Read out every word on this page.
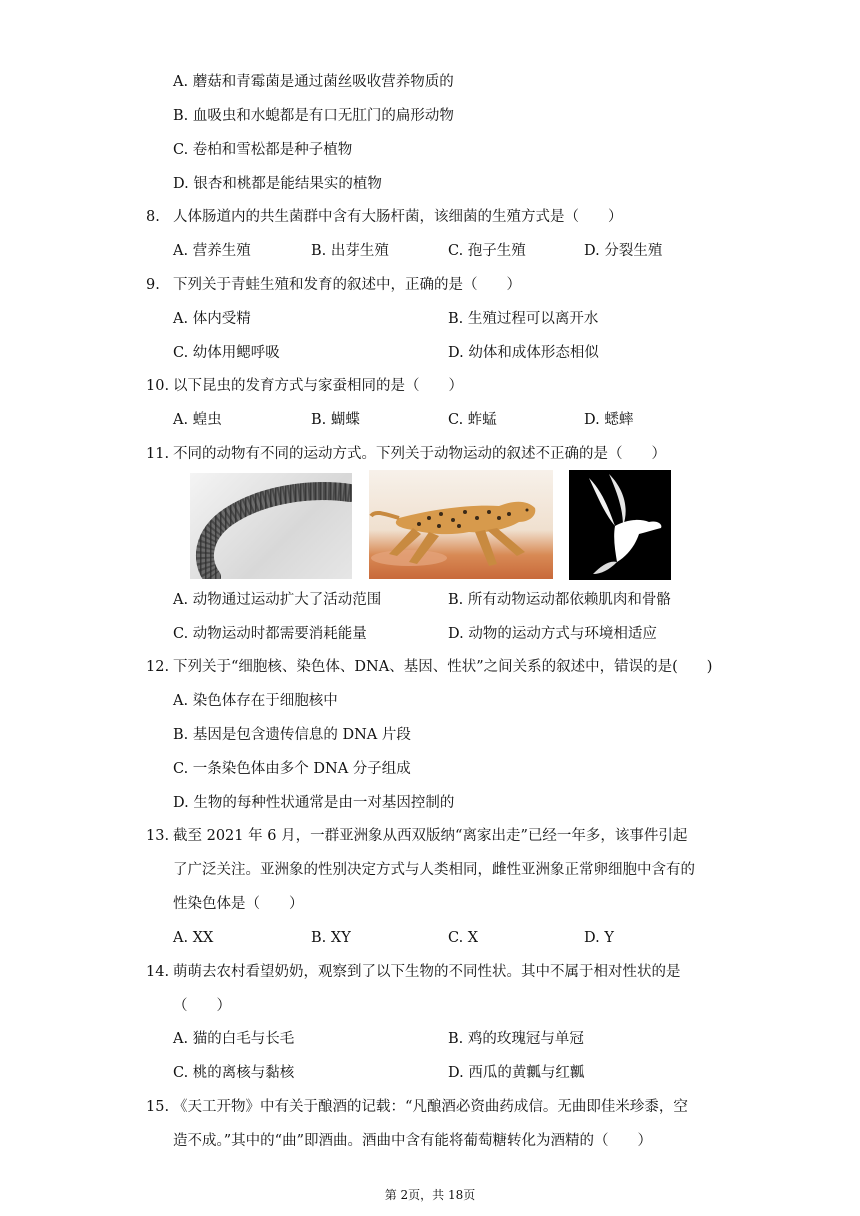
A. 蘑菇和青霉菌是通过菌丝吸收营养物质的
B. 血吸虫和水螅都是有口无肛门的扁形动物
C. 卷柏和雪松都是种子植物
D. 银杏和桃都是能结果实的植物
8. 人体肠道内的共生菌群中含有大肠杆菌，该细菌的生殖方式是（　　）
A. 营养生殖	B. 出芽生殖	C. 孢子生殖	D. 分裂生殖
9. 下列关于青蛙生殖和发育的叙述中，正确的是（　　）
A. 体内受精	B. 生殖过程可以离开水
C. 幼体用鳃呼吸	D. 幼体和成体形态相似
10. 以下昆虫的发育方式与家蚕相同的是（　　）
A. 蝗虫	B. 蝴蝶	C. 蚱蜢	D. 蟋蟀
11. 不同的动物有不同的运动方式。下列关于动物运动的叙述不正确的是（　　）
A. 动物通过运动扩大了活动范围	B. 所有动物运动都依赖肌肉和骨骼
C. 动物运动时都需要消耗能量	D. 动物的运动方式与环境相适应
12. 下列关于“细胞核、染色体、DNA、基因、性状”之间关系的叙述中，错误的是(　　)
A. 染色体存在于细胞核中
B. 基因是包含遗传信息的 DNA 片段
C. 一条染色体由多个 DNA 分子组成
D. 生物的每种性状通常是由一对基因控制的
13. 截至 2021 年 6 月，一群亚洲象从西双版纳“离家出走”已经一年多，该事件引起
了广泛关注。亚洲象的性别决定方式与人类相同，雌性亚洲象正常卵细胞中含有的
性染色体是（　　）
A. XX	B. XY	C. X	D. Y
14. 萌萌去农村看望奶奶，观察到了以下生物的不同性状。其中不属于相对性状的是
（　　）
A. 猫的白毛与长毛	B. 鸡的玫瑰冠与单冠
C. 桃的离核与黏核	D. 西瓜的黄瓤与红瓤
15. 《天工开物》中有关于酿酒的记载：“凡酿酒必资曲药成信。无曲即佳米珍黍，空
造不成。”其中的“曲”即酒曲。酒曲中含有能将葡萄糖转化为酒精的（　　）
第 2页，共 18页
